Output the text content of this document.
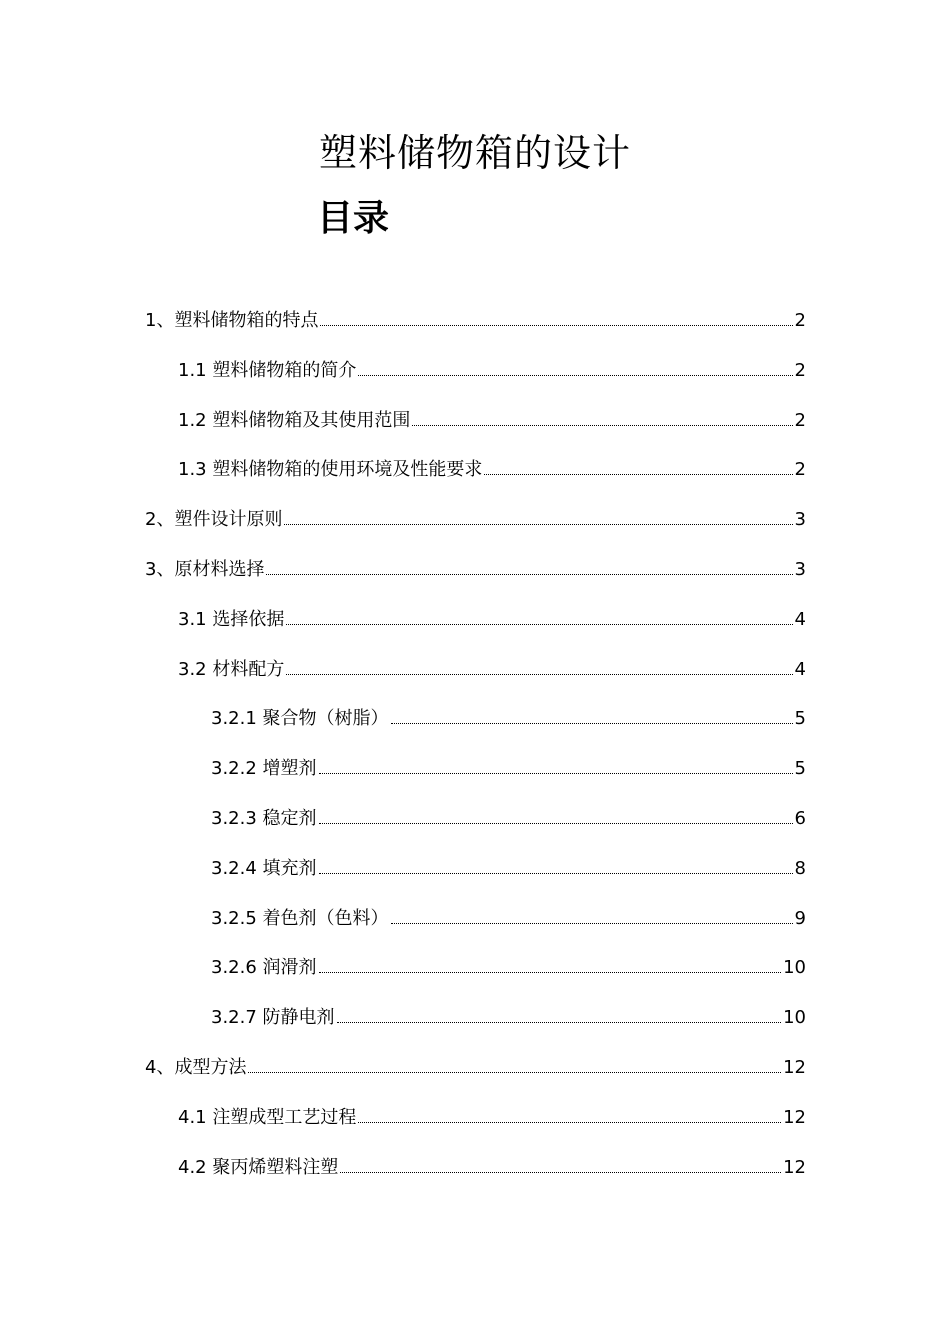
塑料储物箱的设计
目录
1、塑料储物箱的特点	2
1.1 塑料储物箱的简介	2
1.2 塑料储物箱及其使用范围	2
1.3 塑料储物箱的使用环境及性能要求	2
2、塑件设计原则	3
3、原材料选择	3
3.1 选择依据	4
3.2 材料配方	4
3.2.1 聚合物（树脂）	5
3.2.2 增塑剂	5
3.2.3 稳定剂	6
3.2.4 填充剂	8
3.2.5 着色剂（色料）	9
3.2.6 润滑剂	10
3.2.7 防静电剂	10
4、成型方法	12
4.1 注塑成型工艺过程	12
4.2 聚丙烯塑料注塑	12
